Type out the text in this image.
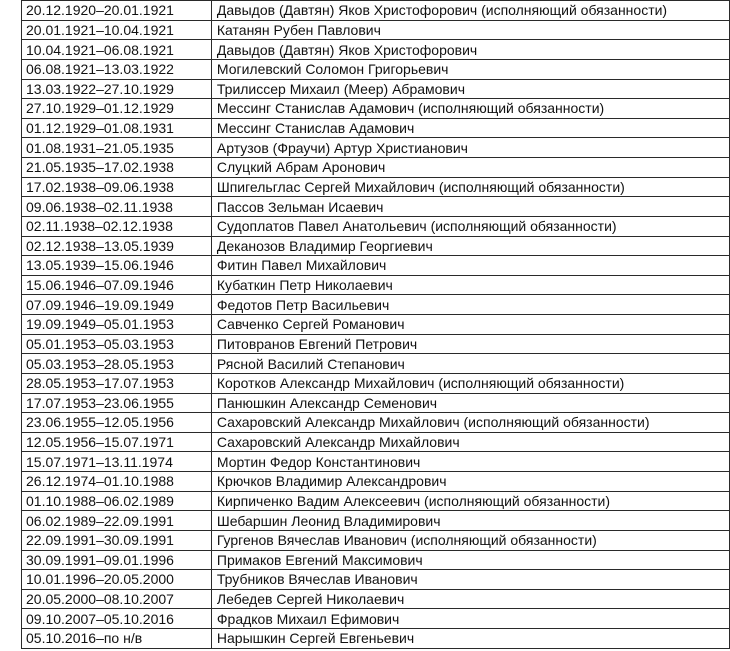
20.12.1920–20.01.1921	Давыдов (Давтян) Яков Христофорович (исполняющий обязанности)
20.01.1921–10.04.1921	Катанян Рубен Павлович
10.04.1921–06.08.1921	Давыдов (Давтян) Яков Христофорович
06.08.1921–13.03.1922	Могилевский Соломон Григорьевич
13.03.1922–27.10.1929	Трилиссер Михаил (Меер) Абрамович
27.10.1929–01.12.1929	Мессинг Станислав Адамович (исполняющий обязанности)
01.12.1929–01.08.1931	Мессинг Станислав Адамович
01.08.1931–21.05.1935	Артузов (Фраучи) Артур Христианович
21.05.1935–17.02.1938	Слуцкий Абрам Аронович
17.02.1938–09.06.1938	Шпигельглас Сергей Михайлович (исполняющий обязанности)
09.06.1938–02.11.1938	Пассов Зельман Исаевич
02.11.1938–02.12.1938	Судоплатов Павел Анатольевич (исполняющий обязанности)
02.12.1938–13.05.1939	Деканозов Владимир Георгиевич
13.05.1939–15.06.1946	Фитин Павел Михайлович
15.06.1946–07.09.1946	Кубаткин Петр Николаевич
07.09.1946–19.09.1949	Федотов Петр Васильевич
19.09.1949–05.01.1953	Савченко Сергей Романович
05.01.1953–05.03.1953	Питовранов Евгений Петрович
05.03.1953–28.05.1953	Рясной Василий Степанович
28.05.1953–17.07.1953	Коротков Александр Михайлович (исполняющий обязанности)
17.07.1953–23.06.1955	Панюшкин Александр Семенович
23.06.1955–12.05.1956	Сахаровский Александр Михайлович (исполняющий обязанности)
12.05.1956–15.07.1971	Сахаровский Александр Михайлович
15.07.1971–13.11.1974	Мортин Федор Константинович
26.12.1974–01.10.1988	Крючков Владимир Александрович
01.10.1988–06.02.1989	Кирпиченко Вадим Алексеевич (исполняющий обязанности)
06.02.1989–22.09.1991	Шебаршин Леонид Владимирович
22.09.1991–30.09.1991	Гургенов Вячеслав Иванович (исполняющий обязанности)
30.09.1991–09.01.1996	Примаков Евгений Максимович
10.01.1996–20.05.2000	Трубников Вячеслав Иванович
20.05.2000–08.10.2007	Лебедев Сергей Николаевич
09.10.2007–05.10.2016	Фрадков Михаил Ефимович
05.10.2016–по н/в	Нарышкин Сергей Евгеньевич
